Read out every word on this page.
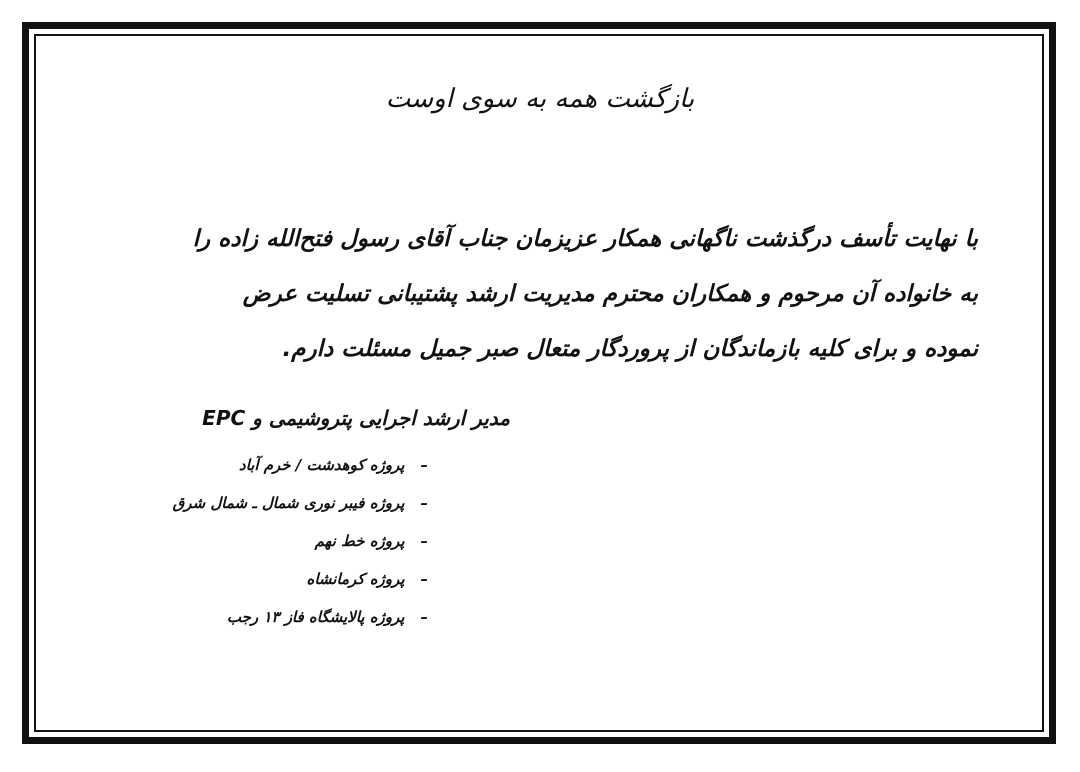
بازگشت همه به سوی اوست
با نهایت تأسف درگذشت ناگهانی همکار عزیزمان جناب آقای رسول فتح‌الله زاده را
به خانواده آن مرحوم و همکاران محترم مدیریت ارشد پشتیبانی تسلیت عرض
نموده و برای کلیه بازماندگان از پروردگار متعال صبر جمیل مسئلت دارم.
مدیر ارشد اجرایی پتروشیمی و EPC
–پروژه کوهدشت / خرم آباد
–پروژه فیبر نوری شمال ـ شمال شرق
–پروژه خط نهم
–پروژه کرمانشاه
–پروژه پالایشگاه فاز ۱۳ رجب
